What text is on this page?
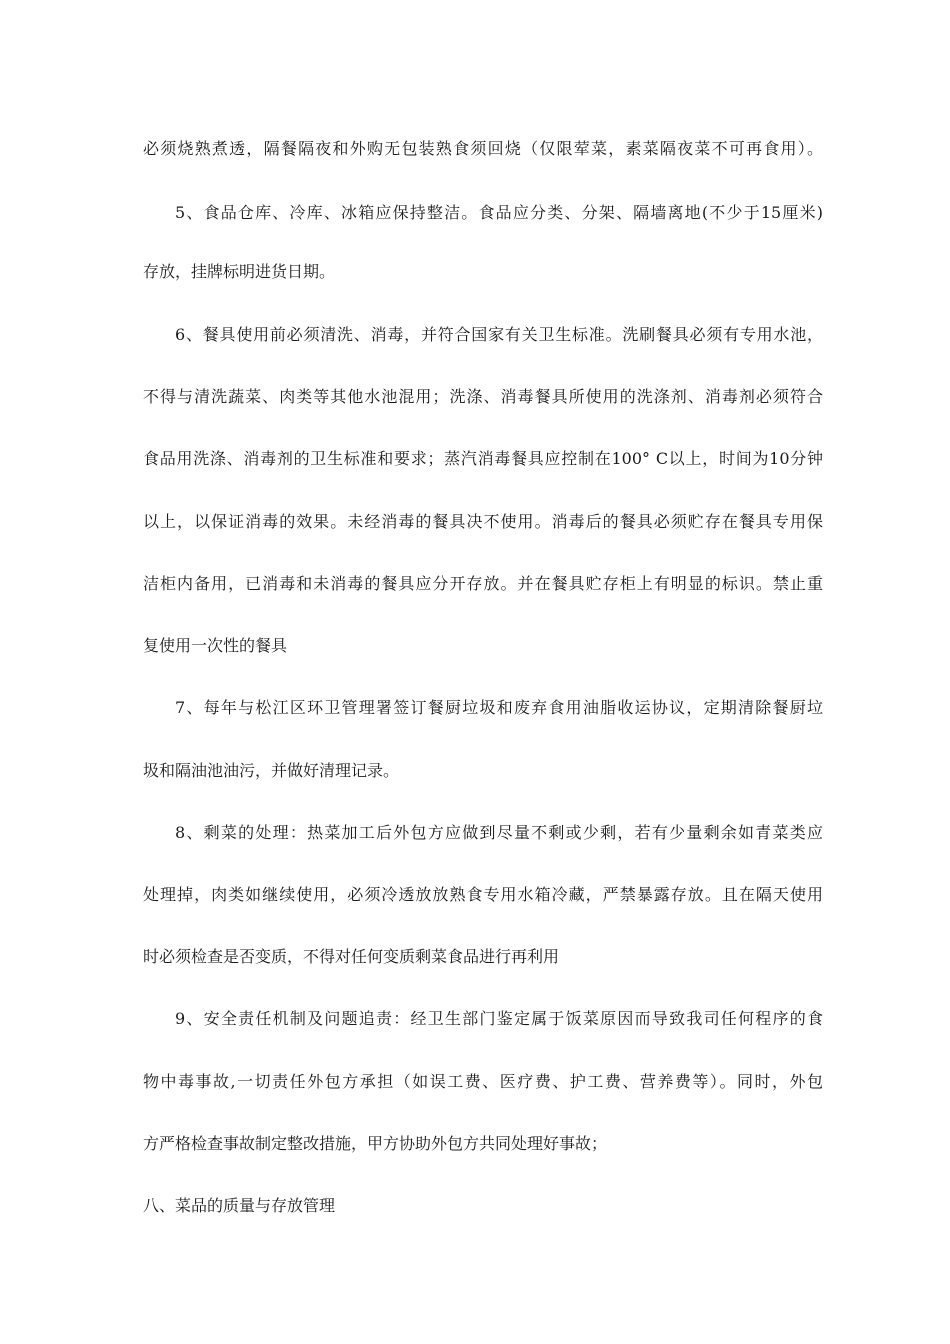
必须烧熟煮透，隔餐隔夜和外购无包装熟食须回烧（仅限荤菜，素菜隔夜菜不可再食用）。

5、食品仓库、冷库、冰箱应保持整洁。食品应分类、分架、隔墙离地(不少于15厘米)

存放，挂牌标明进货日期。

6、餐具使用前必须清洗、消毒，并符合国家有关卫生标准。洗刷餐具必须有专用水池，

不得与清洗蔬菜、肉类等其他水池混用；洗涤、消毒餐具所使用的洗涤剂、消毒剂必须符合

食品用洗涤、消毒剂的卫生标准和要求；蒸汽消毒餐具应控制在100° C以上，时间为10分钟

以上，以保证消毒的效果。未经消毒的餐具决不使用。消毒后的餐具必须贮存在餐具专用保

洁柜内备用，已消毒和未消毒的餐具应分开存放。并在餐具贮存柜上有明显的标识。禁止重

复使用一次性的餐具

7、每年与松江区环卫管理署签订餐厨垃圾和废弃食用油脂收运协议，定期清除餐厨垃

圾和隔油池油污，并做好清理记录。

8、剩菜的处理：热菜加工后外包方应做到尽量不剩或少剩，若有少量剩余如青菜类应

处理掉，肉类如继续使用，必须冷透放放熟食专用水箱冷藏，严禁暴露存放。且在隔天使用

时必须检查是否变质，不得对任何变质剩菜食品进行再利用

9、安全责任机制及问题追责：经卫生部门鉴定属于饭菜原因而导致我司任何程序的食

物中毒事故,一切责任外包方承担（如误工费、医疗费、护工费、营养费等）。同时，外包

方严格检查事故制定整改措施，甲方协助外包方共同处理好事故；

八、菜品的质量与存放管理
